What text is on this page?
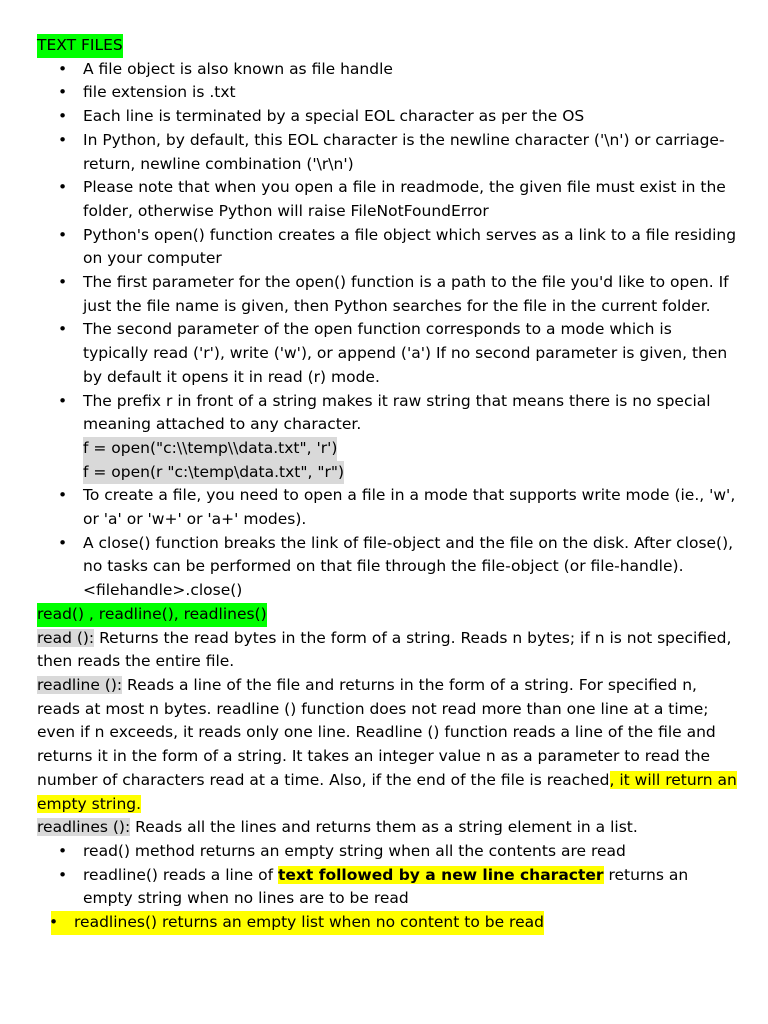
TEXT FILES
• A file object is also known as file handle
• file extension is .txt
• Each line is terminated by a special EOL character as per the OS
• In Python, by default, this EOL character is the newline character ('\n') or carriage-return, newline combination ('\r\n')
• Please note that when you open a file in readmode, the given file must exist in the folder, otherwise Python will raise FileNotFoundError
• Python's open() function creates a file object which serves as a link to a file residing on your computer
• The first parameter for the open() function is a path to the file you'd like to open. If just the file name is given, then Python searches for the file in the current folder.
• The second parameter of the open function corresponds to a mode which is typically read ('r'), write ('w'), or append ('a') If no second parameter is given, then by default it opens it in read (r) mode.
• The prefix r in front of a string makes it raw string that means there is no special meaning attached to any character.
f = open("c:\\temp\\data.txt", 'r')
f = open(r "c:\temp\data.txt", "r")
• To create a file, you need to open a file in a mode that supports write mode (ie., 'w', or 'a' or 'w+' or 'a+' modes).
• A close() function breaks the link of file-object and the file on the disk. After close(), no tasks can be performed on that file through the file-object (or file-handle).
<filehandle>.close()
read() , readline(), readlines()

read (): Returns the read bytes in the form of a string. Reads n bytes; if n is not specified, then reads the entire file.

readline (): Reads a line of the file and returns in the form of a string. For specified n, reads at most n bytes. readline () function does not read more than one line at a time; even if n exceeds, it reads only one line. Readline () function reads a line of the file and returns it in the form of a string. It takes an integer value n as a parameter to read the number of characters read at a time. Also, if the end of the file is reached, it will return an empty string.

readlines (): Reads all the lines and returns them as a string element in a list.

• read() method returns an empty string when all the contents are read
• readline() reads a line of text followed by a new line character returns an empty string when no lines are to be read
• readlines() returns an empty list when no content to be read
